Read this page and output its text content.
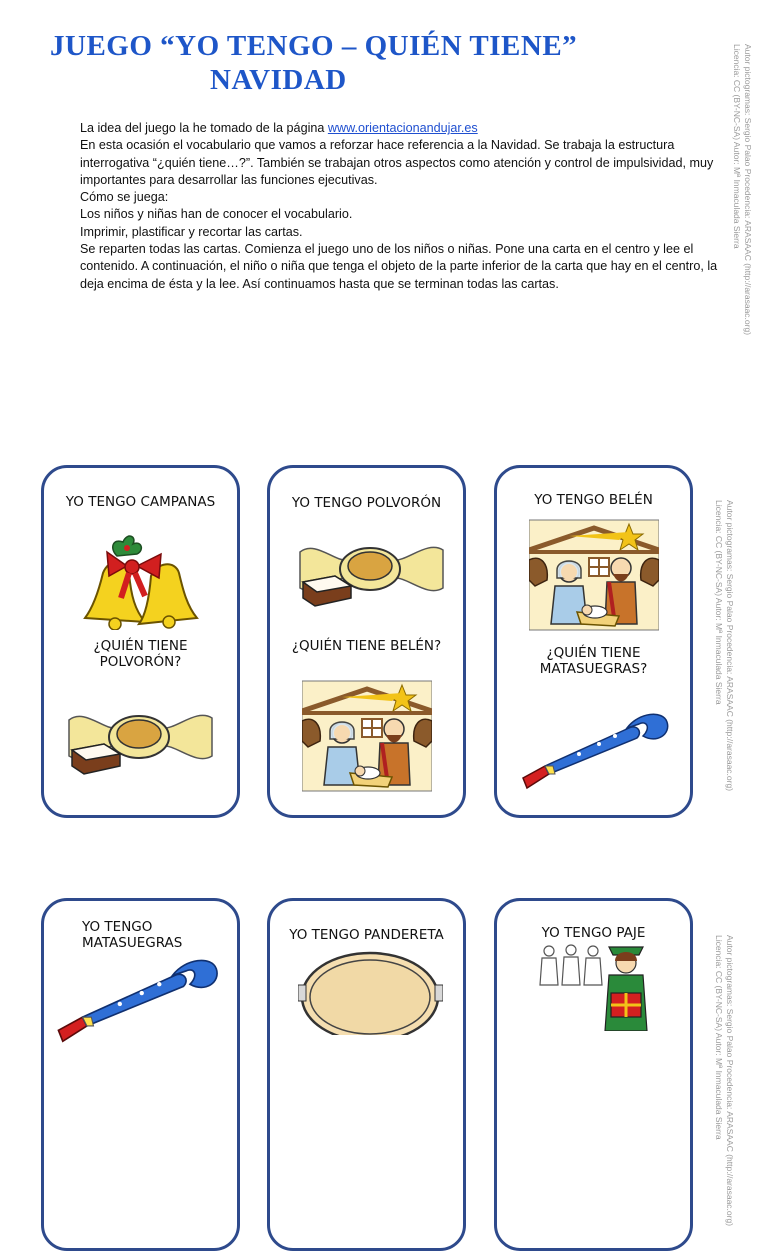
JUEGO “YO TENGO – QUIÉN TIENE”
NAVIDAD
La idea del juego la he tomado de la página www.orientacionandujar.es
En esta ocasión el vocabulario que vamos a reforzar hace referencia a la Navidad. Se trabaja la estructura interrogativa “¿quién tiene…?”. También se trabajan otros aspectos como atención y control de impulsividad, muy importantes para desarrollar las funciones ejecutivas.
Cómo se juega:
Los niños y niñas han de conocer el vocabulario.
Imprimir, plastificar y recortar las cartas.
Se reparten todas las cartas. Comienza el juego uno de los niños o niñas. Pone una carta en el centro y lee el contenido. A continuación, el niño o niña que tenga el objeto de la parte inferior de la carta que hay en el centro, la deja encima de ésta y la lee. Así continuamos hasta que se terminan todas las cartas.	Autor pictogramas: Sergio Palao Procedencia: ARASAAC (http://arasaac.org)
Licencia: CC (BY-NC-SA) Autor: Mª Inmaculada Sierra
Autor pictogramas: Sergio Palao Procedencia: ARASAAC (http://arasaac.org)
Licencia: CC (BY-NC-SA) Autor: Mª Inmaculada Sierra
Autor pictogramas: Sergio Palao Procedencia: ARASAAC (http://arasaac.org)
Licencia: CC (BY-NC-SA) Autor: Mª Inmaculada Sierra
YO TENGO CAMPANAS
¿QUIÉN TIENE POLVORÓN?
YO TENGO POLVORÓN
¿QUIÉN TIENE BELÉN?
YO TENGO BELÉN
¿QUIÉN TIENE MATASUEGRAS?
YO TENGO MATASUEGRAS	YO TENGO PANDERETA	YO TENGO PAJE
